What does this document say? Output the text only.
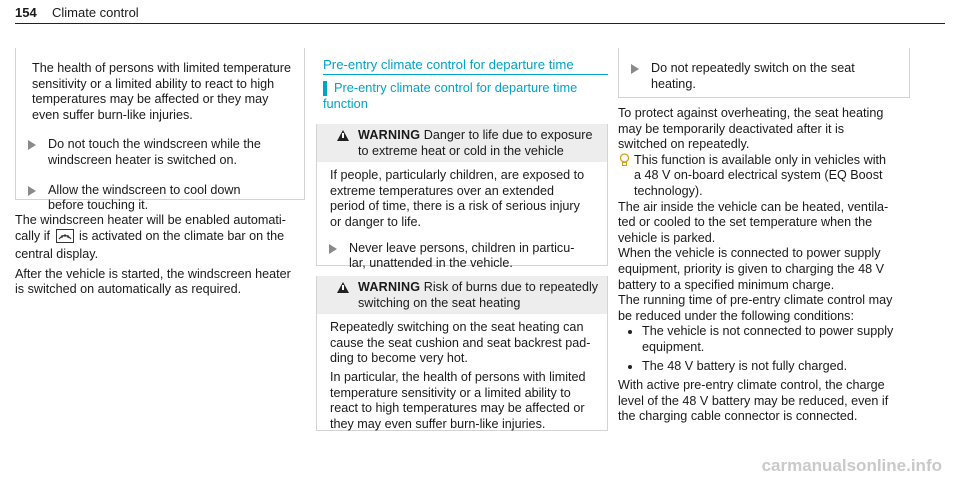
154 Climate control

The health of persons with limited temperature

sensitivity or a limited ability to react to high

temperatures may be affected or they may

even suffer burn-like injuries.

Do not touch the windscreen while the

windscreen heater is switched on.

Allow the windscreen to cool down

before touching it.

The windscreen heater will be enabled automati-

cally if is activated on the climate bar on the

central display.

After the vehicle is started, the windscreen heater

is switched on automatically as required.

Pre-entry climate control for departure time

Pre-entry climate control for departure time

function

WARNING Danger to life due to exposure

to extreme heat or cold in the vehicle

If people, particularly children, are exposed to

extreme temperatures over an extended

period of time, there is a risk of serious injury

or danger to life.

Never leave persons, children in particu-

lar, unattended in the vehicle.

WARNING Risk of burns due to repeatedly

switching on the seat heating

Repeatedly switching on the seat heating can

cause the seat cushion and seat backrest pad-

ding to become very hot.

In particular, the health of persons with limited

temperature sensitivity or a limited ability to

react to high temperatures may be affected or

they may even suffer burn-like injuries.

Do not repeatedly switch on the seat

heating.

To protect against overheating, the seat heating

may be temporarily deactivated after it is

switched on repeatedly.

This function is available only in vehicles with

a 48 V on-board electrical system (EQ Boost

technology).

The air inside the vehicle can be heated, ventila-

ted or cooled to the set temperature when the

vehicle is parked.

When the vehicle is connected to power supply

equipment, priority is given to charging the 48 V

battery to a specified minimum charge.

The running time of pre-entry climate control may

be reduced under the following conditions:

The vehicle is not connected to power supply

equipment.

The 48 V battery is not fully charged.

With active pre-entry climate control, the charge

level of the 48 V battery may be reduced, even if

the charging cable connector is connected.

carmanualsonline.info
